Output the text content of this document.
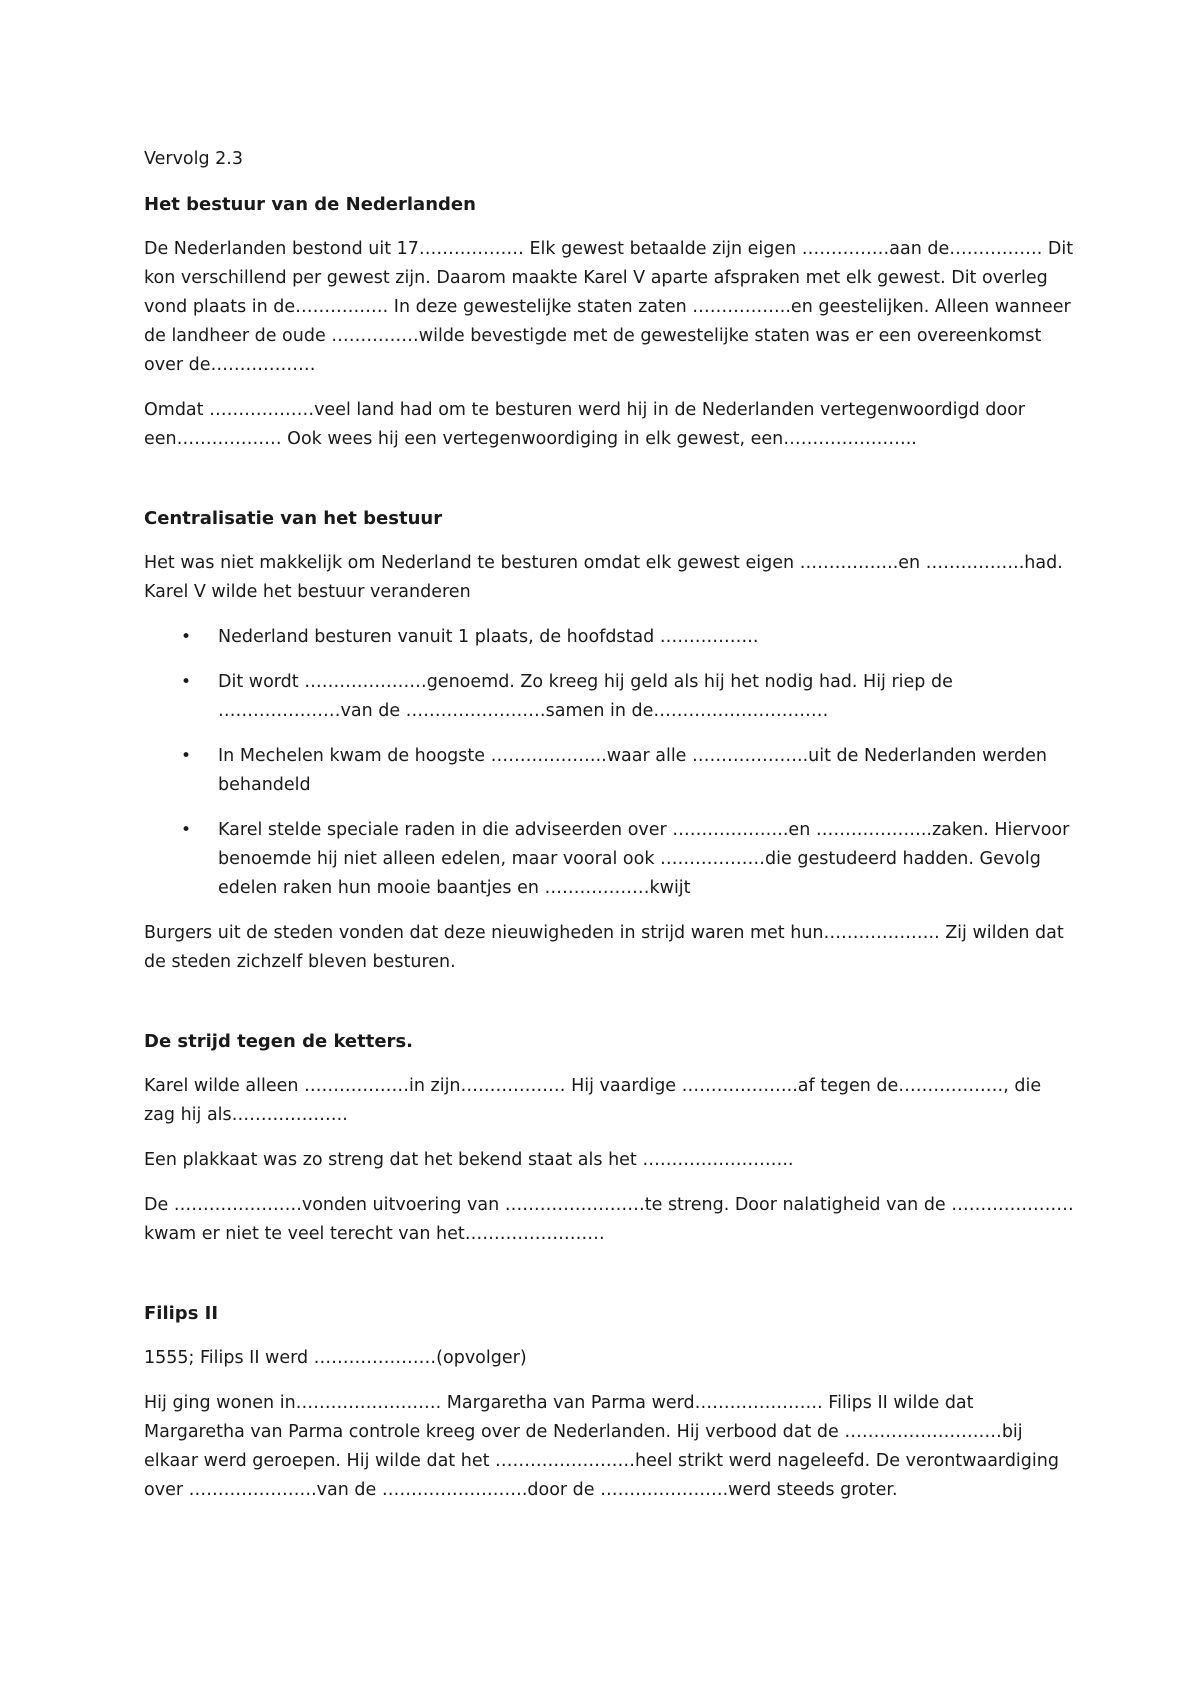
Vervolg 2.3
Het bestuur van de Nederlanden

De Nederlanden bestond uit 17……………… Elk gewest betaalde zijn eigen ……………aan de……………. Dit kon verschillend per gewest zijn. Daarom maakte Karel V aparte afspraken met elk gewest. Dit overleg vond plaats in de……………. In deze gewestelijke staten zaten ……………..en geestelijken. Alleen wanneer de landheer de oude ……………wilde bevestigde met de gewestelijke staten was er een overeenkomst over de………………

Omdat ………………veel land had om te besturen werd hij in de Nederlanden vertegenwoordigd door een……………… Ook wees hij een vertegenwoordiging in elk gewest, een…………………..

Centralisatie van het bestuur

Het was niet makkelijk om Nederland te besturen omdat elk gewest eigen ……………..en ……………..had. Karel V wilde het bestuur veranderen

• Nederland besturen vanuit 1 plaats, de hoofdstad ……………..
• Dit wordt …………………genoemd. Zo kreeg hij geld als hij het nodig had. Hij riep de …………………van de ……………………samen in de…………………………
• In Mechelen kwam de hoogste ………………..waar alle ………………..uit de Nederlanden werden behandeld
• Karel stelde speciale raden in die adviseerden over ………………..en ………………..zaken. Hiervoor benoemde hij niet alleen edelen, maar vooral ook ………………die gestudeerd hadden. Gevolg edelen raken hun mooie baantjes en ………………kwijt

Burgers uit de steden vonden dat deze nieuwigheden in strijd waren met hun……………….. Zij wilden dat de steden zichzelf bleven besturen.

De strijd tegen de ketters.

Karel wilde alleen ………………in zijn……………… Hij vaardige ………………..af tegen de………………, die zag hij als………………..

Een plakkaat was zo streng dat het bekend staat als het ……………………..

De ………………….vonden uitvoering van ……………………te streng. Door nalatigheid van de …………………kwam er niet te veel terecht van het……………………

Filips II

1555; Filips II werd …………………(opvolger)

Hij ging wonen in……………………. Margaretha van Parma werd…………………. Filips II wilde dat Margaretha van Parma controle kreeg over de Nederlanden. Hij verbood dat de ………………………bij elkaar werd geroepen. Hij wilde dat het ……………………heel strikt werd nageleefd. De verontwaardiging over ………………….van de …………………….door de ………………….werd steeds groter.
